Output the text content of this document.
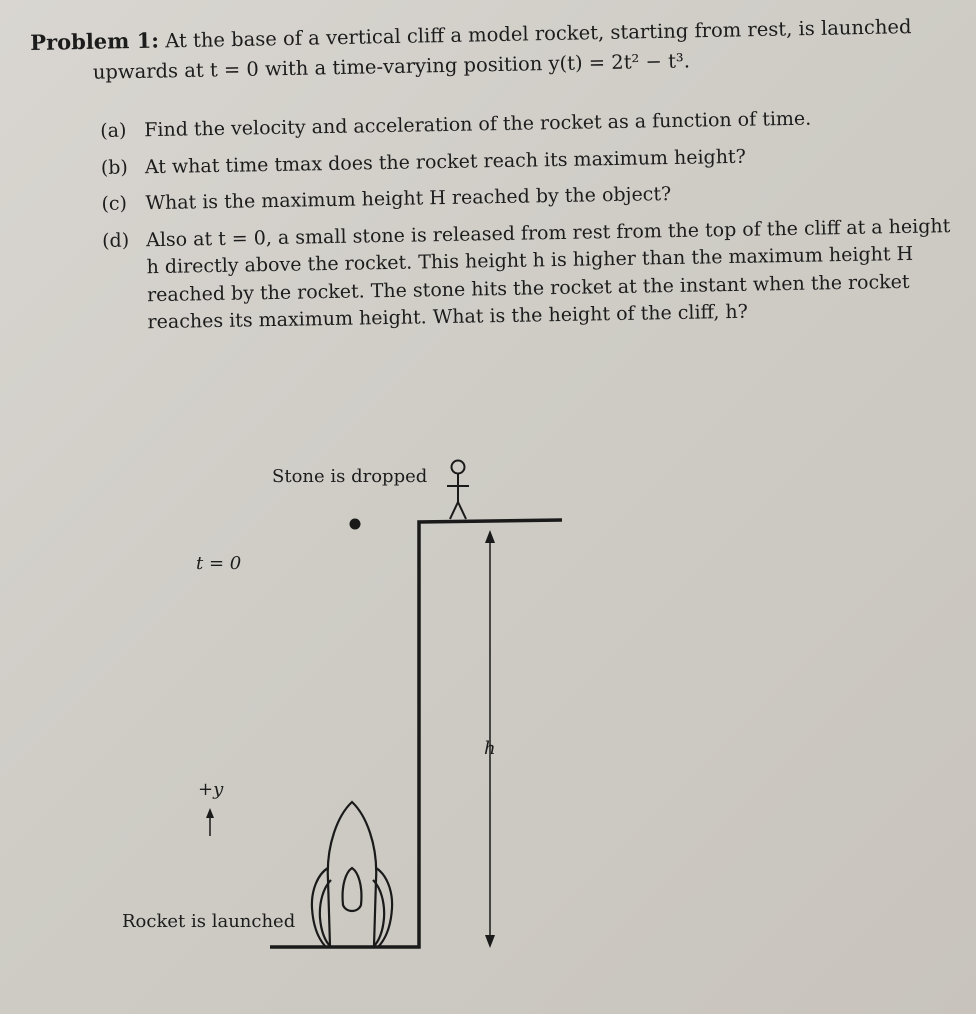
Problem 1: At the base of a vertical cliff a model rocket, starting from rest, is launched
upwards at t = 0 with a time-varying position y(t) = 2t² − t³.
(a) Find the velocity and acceleration of the rocket as a function of time.
(b) At what time tmax does the rocket reach its maximum height?
(c) What is the maximum height H reached by the object?
(d) Also at t = 0, a small stone is released from rest from the top of the cliff at a height h directly above the rocket. This height h is higher than the maximum height H reached by the rocket. The stone hits the rocket at the instant when the rocket reaches its maximum height. What is the height of the cliff, h?
Stone is dropped
t = 0
+y
h
Rocket is launched
